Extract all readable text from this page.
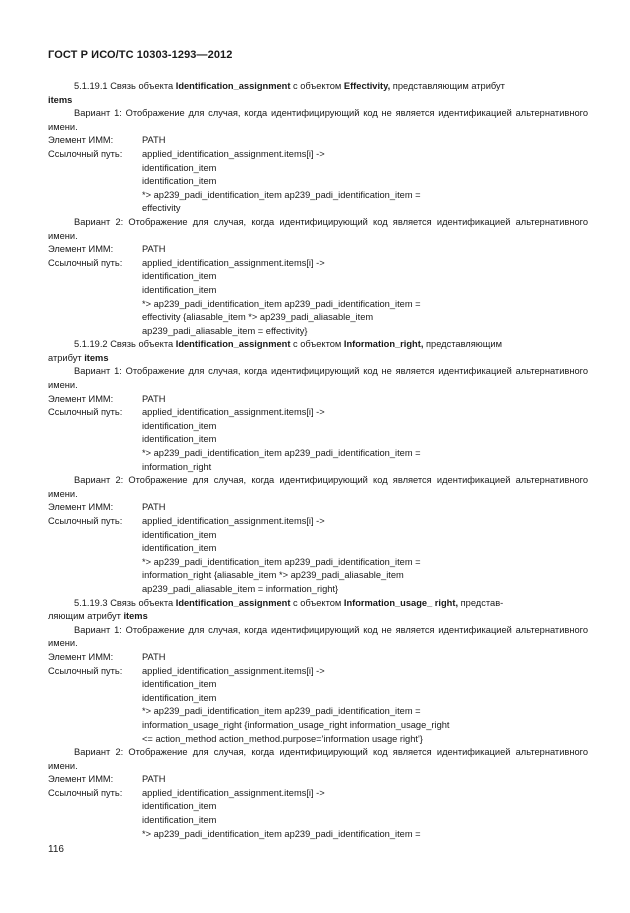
ГОСТ Р ИСО/ТС 10303-1293—2012

5.1.19.1 Связь объекта Identification_assignment с объектом Effectivity, представляющим атрибут
items

Вариант 1: Отображение для случая, когда идентифицирующий код не является идентификацией альтернативного имени.

Элемент ИММ:	PATH
Ссылочный путь:	applied_identification_assignment.items[i] ->
identification_item
identification_item
*> ap239_padi_identification_item ap239_padi_identification_item =
effectivity

Вариант 2: Отображение для случая, когда идентифицирующий код является идентификацией альтернативного имени.

Элемент ИММ:	PATH
Ссылочный путь:	applied_identification_assignment.items[i] ->
identification_item
identification_item
*> ap239_padi_identification_item ap239_padi_identification_item =
effectivity {aliasable_item *> ap239_padi_aliasable_item
ap239_padi_aliasable_item = effectivity}

5.1.19.2 Связь объекта Identification_assignment с объектом Information_right, представляющим
атрибут items

Вариант 1: Отображение для случая, когда идентифицирующий код не является идентификацией альтернативного имени.

Элемент ИММ:	PATH
Ссылочный путь:	applied_identification_assignment.items[i] ->
identification_item
identification_item
*> ap239_padi_identification_item ap239_padi_identification_item =
information_right

Вариант 2: Отображение для случая, когда идентифицирующий код является идентификацией альтернативного имени.

Элемент ИММ:	PATH
Ссылочный путь:	applied_identification_assignment.items[i] ->
identification_item
identification_item
*> ap239_padi_identification_item ap239_padi_identification_item =
information_right {aliasable_item *> ap239_padi_aliasable_item
ap239_padi_aliasable_item = information_right}

5.1.19.3 Связь объекта Identification_assignment с объектом Information_usage_ right, представ-
ляющим атрибут items

Вариант 1: Отображение для случая, когда идентифицирующий код не является идентификацией альтернативного имени.

Элемент ИММ:	PATH
Ссылочный путь:	applied_identification_assignment.items[i] ->
identification_item
identification_item
*> ap239_padi_identification_item ap239_padi_identification_item =
information_usage_right {information_usage_right information_usage_right
<= action_method action_method.purpose='information usage right'}

Вариант 2: Отображение для случая, когда идентифицирующий код является идентификацией альтернативного имени.

Элемент ИММ:	PATH
Ссылочный путь:	applied_identification_assignment.items[i] ->
identification_item
identification_item
*> ap239_padi_identification_item ap239_padi_identification_item =
116
